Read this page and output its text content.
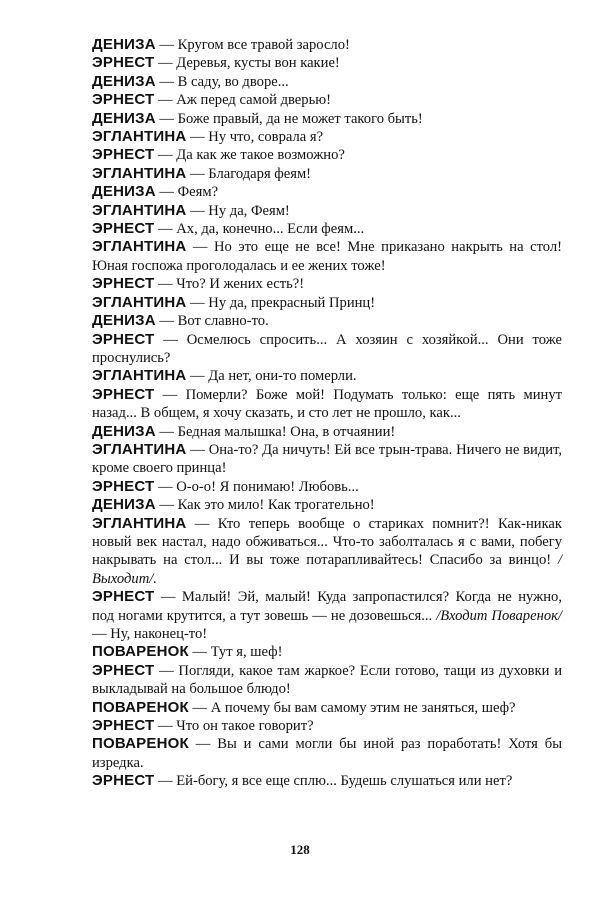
ДЕНИЗА — Кругом все травой заросло!

ЭРНЕСТ — Деревья, кусты вон какие!

ДЕНИЗА — В саду, во дворе...

ЭРНЕСТ — Аж перед самой дверью!

ДЕНИЗА — Боже правый, да не может такого быть!

ЭГЛАНТИНА — Ну что, соврала я?

ЭРНЕСТ — Да как же такое возможно?

ЭГЛАНТИНА — Благодаря феям!

ДЕНИЗА — Феям?

ЭГЛАНТИНА — Ну да, Феям!

ЭРНЕСТ — Ах, да, конечно... Если феям...

ЭГЛАНТИНА — Но это еще не все! Мне приказано накрыть на стол! Юная госпожа проголодалась и ее жених тоже!

ЭРНЕСТ — Что? И жених есть?!

ЭГЛАНТИНА — Ну да, прекрасный Принц!

ДЕНИЗА — Вот славно-то.

ЭРНЕСТ — Осмелюсь спросить... А хозяин с хозяйкой... Они тоже проснулись?

ЭГЛАНТИНА — Да нет, они-то померли.

ЭРНЕСТ — Померли? Боже мой! Подумать только: еще пять минут назад... В общем, я хочу сказать, и сто лет не прошло, как...

ДЕНИЗА — Бедная малышка! Она, в отчаянии!

ЭГЛАНТИНА — Она-то? Да ничуть! Ей все трын-трава. Ничего не видит, кроме своего принца!

ЭРНЕСТ — О-о-о! Я понимаю! Любовь...

ДЕНИЗА — Как это мило! Как трогательно!

ЭГЛАНТИНА — Кто теперь вообще о стариках помнит?! Как-никак новый век настал, надо обживаться... Что-то заболталась я с вами, побегу накрывать на стол... И вы тоже потарапливайтесь! Спасибо за винцо! /Выходит/.

ЭРНЕСТ — Малый! Эй, малый! Куда запропастился? Когда не нужно, под ногами крутится, а тут зовешь — не дозовешься... /Входит Поваренок/ — Ну, наконец-то!

ПОВАРЕНОК — Тут я, шеф!

ЭРНЕСТ — Погляди, какое там жаркое? Если готово, тащи из духовки и выкладывай на большое блюдо!

ПОВАРЕНОК — А почему бы вам самому этим не заняться, шеф?

ЭРНЕСТ — Что он такое говорит?

ПОВАРЕНОК — Вы и сами могли бы иной раз поработать! Хотя бы изредка.

ЭРНЕСТ — Ей-богу, я все еще сплю... Будешь слушаться или нет?

128
